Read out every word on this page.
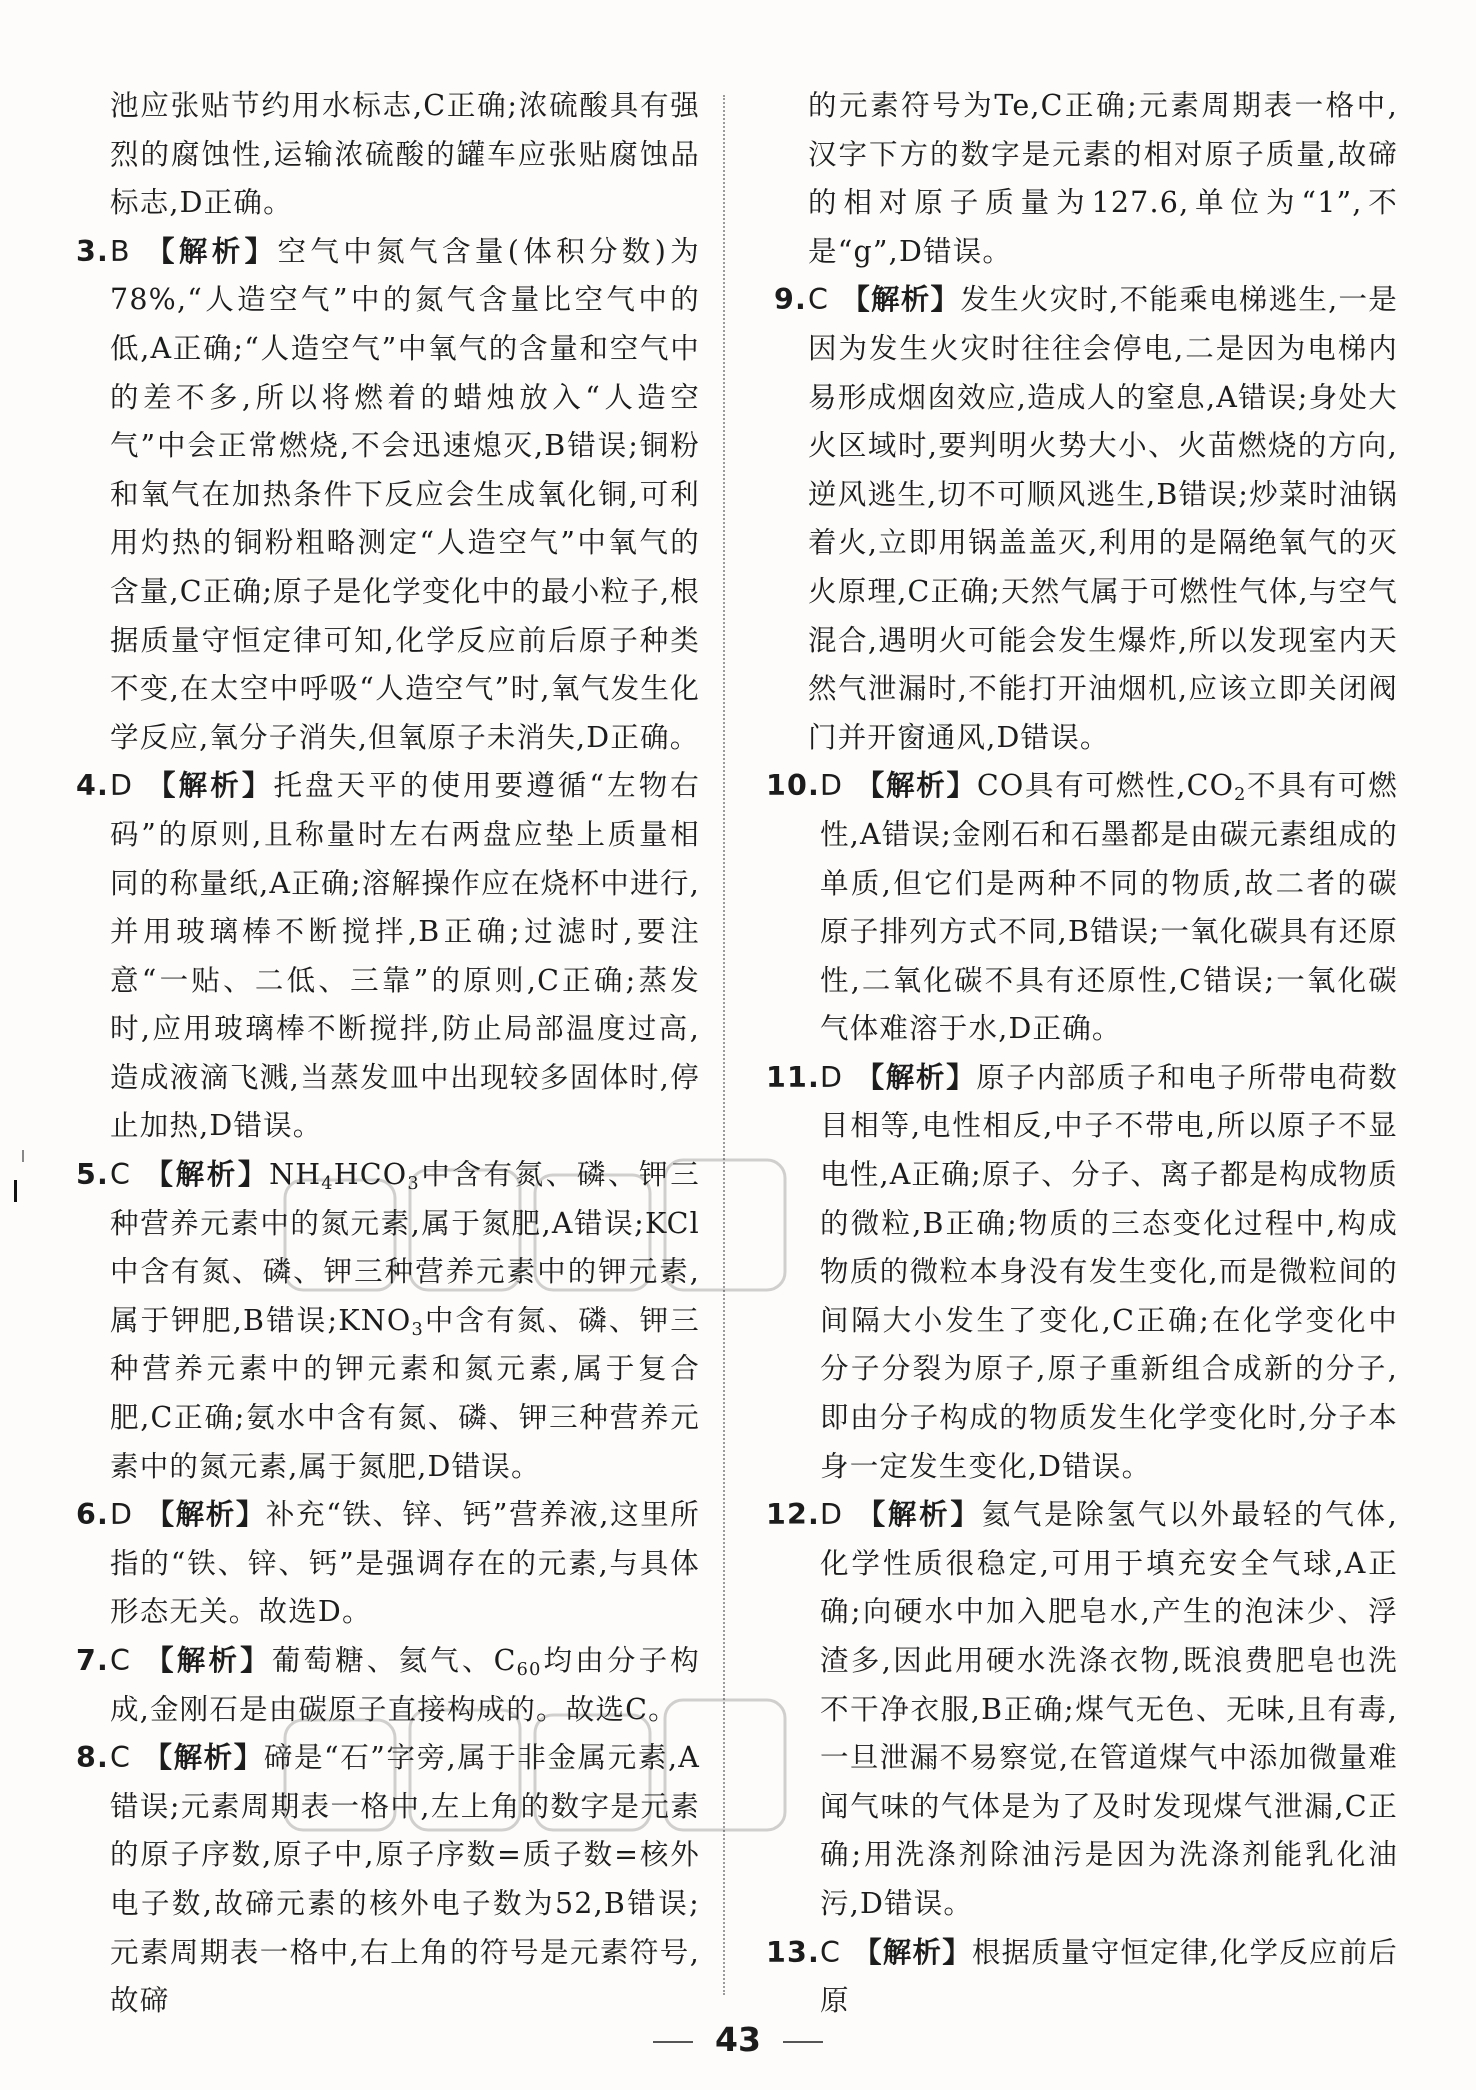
池应张贴节约用水标志,C正确;浓硫酸具有强烈的腐蚀性,运输浓硫酸的罐车应张贴腐蚀品标志,D正确。
3. B 【解析】空气中氮气含量(体积分数)为78%,“人造空气”中的氮气含量比空气中的低,A正确;“人造空气”中氧气的含量和空气中的差不多,所以将燃着的蜡烛放入“人造空气”中会正常燃烧,不会迅速熄灭,B错误;铜粉和氧气在加热条件下反应会生成氧化铜,可利用灼热的铜粉粗略测定“人造空气”中氧气的含量,C正确;原子是化学变化中的最小粒子,根据质量守恒定律可知,化学反应前后原子种类不变,在太空中呼吸“人造空气”时,氧气发生化学反应,氧分子消失,但氧原子未消失,D正确。
4. D 【解析】托盘天平的使用要遵循“左物右码”的原则,且称量时左右两盘应垫上质量相同的称量纸,A正确;溶解操作应在烧杯中进行,并用玻璃棒不断搅拌,B正确;过滤时,要注意“一贴、二低、三靠”的原则,C正确;蒸发时,应用玻璃棒不断搅拌,防止局部温度过高,造成液滴飞溅,当蒸发皿中出现较多固体时,停止加热,D错误。
5. C 【解析】$NH_4HCO_3$中含有氮、磷、钾三种营养元素中的氮元素,属于氮肥,A错误;KCl中含有氮、磷、钾三种营养元素中的钾元素,属于钾肥,B错误$;KNO_3$中含有氮、磷、钾三种营养元素中的钾元素和氮元素,属于复合肥,C正确;氨水中含有氮、磷、钾三种营养元素中的氮元素,属于氮肥,D错误。
6. D 【解析】补充“铁、锌、钙”营养液,这里所指的“铁、锌、钙”是强调存在的元素,与具体形态无关。故选D。
7. C 【解析】葡萄糖、氦气、$C_{60}$均由分子构成,金刚石是由碳原子直接构成的。故选C。
8. C 【解析】碲是“石”字旁,属于非金属元素,A错误;元素周期表一格中,左上角的数字是元素的原子序数,原子中,原子序数=质子数=核外电子数,故碲元素的核外电子数为52,B错误;元素周期表一格中,右上角的符号是元素符号,故碲
的元素符号为Te,C正确;元素周期表一格中,汉字下方的数字是元素的相对原子质量,故碲的相对原子质量为127.6,单位为“1”,不是“g”,D错误。
9. C 【解析】发生火灾时,不能乘电梯逃生,一是因为发生火灾时往往会停电,二是因为电梯内易形成烟囱效应,造成人的窒息,A错误;身处大火区域时,要判明火势大小、火苗燃烧的方向,逆风逃生,切不可顺风逃生,B错误;炒菜时油锅着火,立即用锅盖盖灭,利用的是隔绝氧气的灭火原理,C正确;天然气属于可燃性气体,与空气混合,遇明火可能会发生爆炸,所以发现室内天然气泄漏时,不能打开油烟机,应该立即关闭阀门并开窗通风,D错误。
10. D 【解析】CO具有可燃性$,CO_2$不具有可燃性,A错误;金刚石和石墨都是由碳元素组成的单质,但它们是两种不同的物质,故二者的碳原子排列方式不同,B错误;一氧化碳具有还原性,二氧化碳不具有还原性,C错误;一氧化碳气体难溶于水,D正确。
11. D 【解析】原子内部质子和电子所带电荷数目相等,电性相反,中子不带电,所以原子不显电性,A正确;原子、分子、离子都是构成物质的微粒,B正确;物质的三态变化过程中,构成物质的微粒本身没有发生变化,而是微粒间的间隔大小发生了变化,C正确;在化学变化中分子分裂为原子,原子重新组合成新的分子,即由分子构成的物质发生化学变化时,分子本身一定发生变化,D错误。
12. D 【解析】氦气是除氢气以外最轻的气体,化学性质很稳定,可用于填充安全气球,A正确;向硬水中加入肥皂水,产生的泡沫少、浮渣多,因此用硬水洗涤衣物,既浪费肥皂也洗不干净衣服,B正确;煤气无色、无味,且有毒,一旦泄漏不易察觉,在管道煤气中添加微量难闻气味的气体是为了及时发现煤气泄漏,C正确;用洗涤剂除油污是因为洗涤剂能乳化油污,D错误。
13. C 【解析】根据质量守恒定律,化学反应前后原
43
